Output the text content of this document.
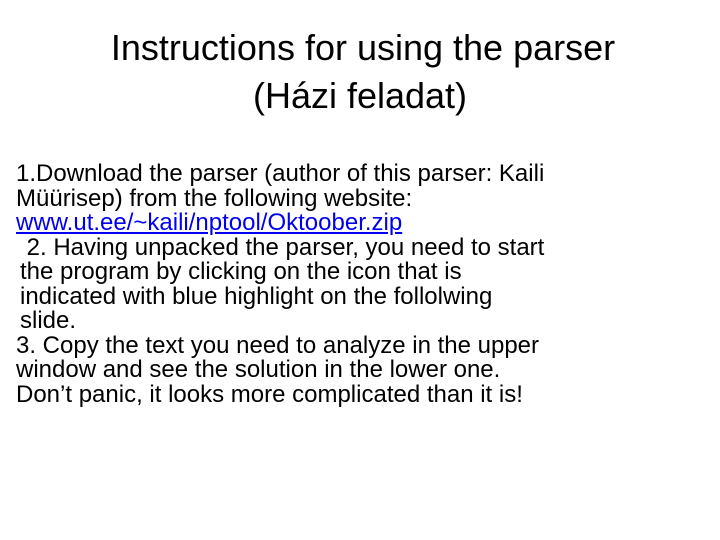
Instructions for using the parser
(Házi feladat)
1.Download the parser (author of this parser: Kaili
Müürisep) from the following website:
www.ut.ee/~kaili/nptool/Oktoober.zip
2. Having unpacked the parser, you need to start
the program by clicking on the icon that is
indicated with blue highlight on the follolwing
slide.
3. Copy the text you need to analyze in the upper
window and see the solution in the lower one.
Don’t panic, it looks more complicated than it is!
